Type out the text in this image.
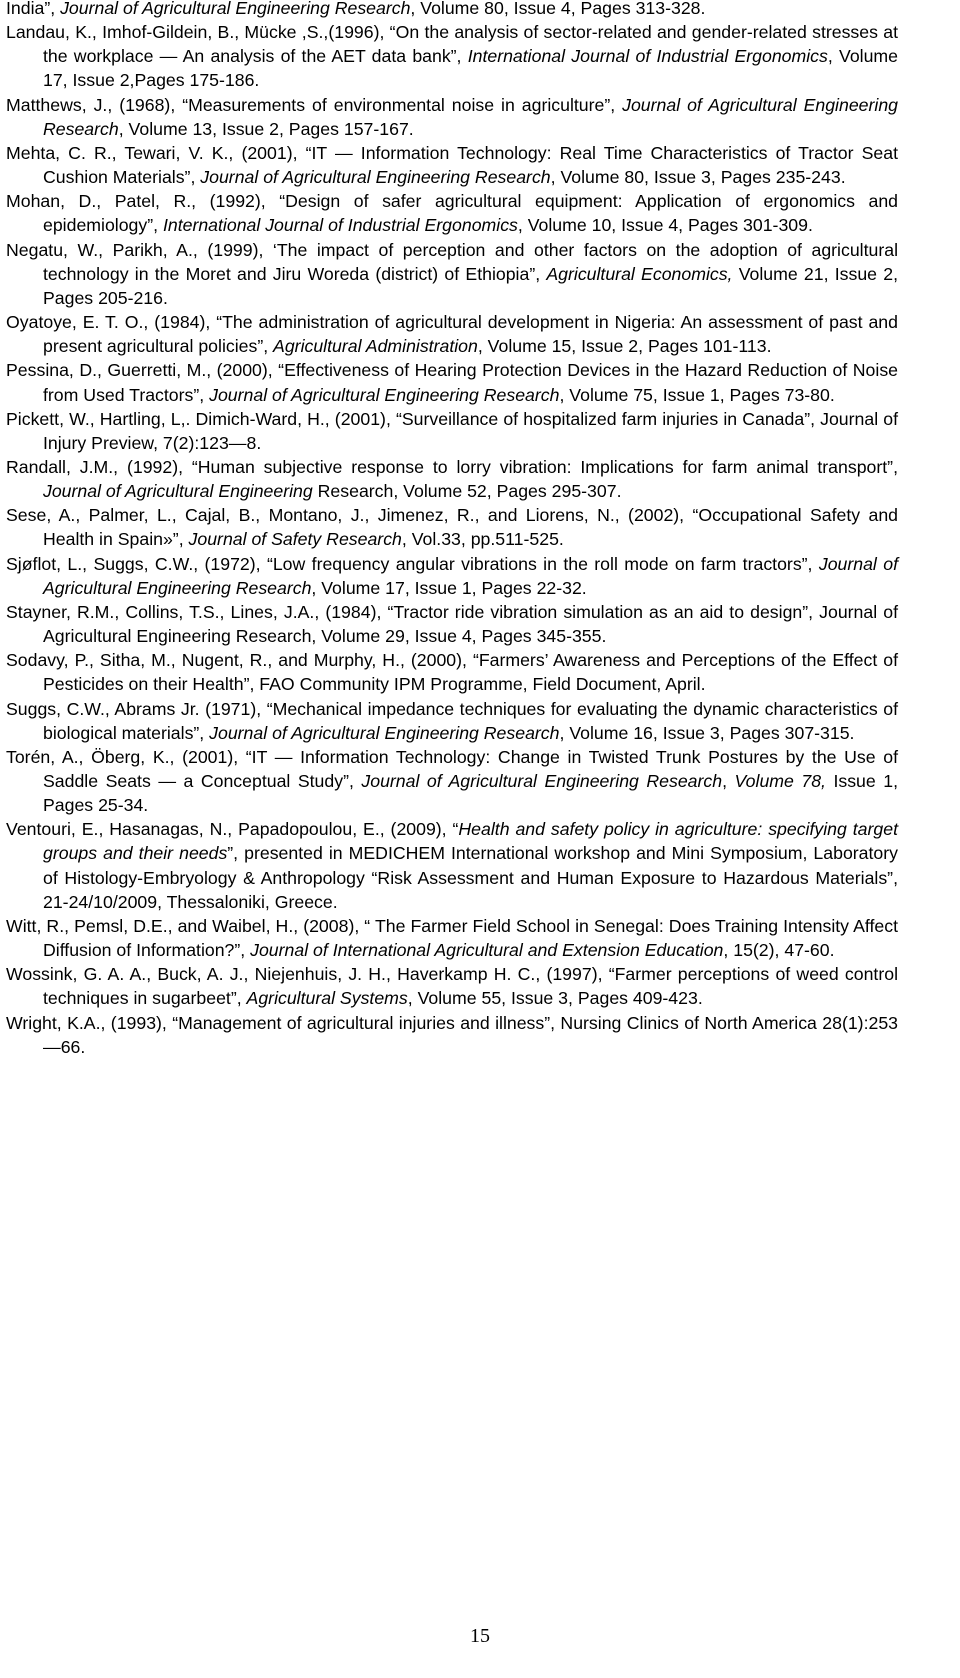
India”, Journal of Agricultural Engineering Research, Volume 80, Issue 4, Pages 313-328.

Landau, K., Imhof-Gildein, B., Mücke ,S.,(1996), “On the analysis of sector-related and gender-related stresses at the workplace — An analysis of the AET data bank”, International Journal of Industrial Ergonomics, Volume 17, Issue 2,Pages 175-186.

Matthews, J., (1968), “Measurements of environmental noise in agriculture”, Journal of Agricultural Engineering Research, Volume 13, Issue 2, Pages 157-167.

Mehta, C. R., Tewari, V. K., (2001), “IT — Information Technology: Real Time Characteristics of Tractor Seat Cushion Materials”, Journal of Agricultural Engineering Research, Volume 80, Issue 3, Pages 235-243.

Mohan, D., Patel, R., (1992), “Design of safer agricultural equipment: Application of ergonomics and epidemiology”, International Journal of Industrial Ergonomics, Volume 10, Issue 4, Pages 301-309.

Negatu, W., Parikh, A., (1999), ‘The impact of perception and other factors on the adoption of agricultural technology in the Moret and Jiru Woreda (district) of Ethiopia”, Agricultural Economics, Volume 21, Issue 2, Pages 205-216.

Oyatoye, E. T. O., (1984), “The administration of agricultural development in Nigeria: An assessment of past and present agricultural policies”, Agricultural Administration, Volume 15, Issue 2, Pages 101-113.

Pessina, D., Guerretti, M., (2000), “Effectiveness of Hearing Protection Devices in the Hazard Reduction of Noise from Used Tractors”, Journal of Agricultural Engineering Research, Volume 75, Issue 1, Pages 73-80.

Pickett, W., Hartling, L,. Dimich-Ward, H., (2001), “Surveillance of hospitalized farm injuries in Canada”, Journal of Injury Preview, 7(2):123—8.

Randall, J.M., (1992), “Human subjective response to lorry vibration: Implications for farm animal transport”, Journal of Agricultural Engineering Research, Volume 52, Pages 295-307.

Sese, A., Palmer, L., Cajal, B., Montano, J., Jimenez, R., and Liorens, N., (2002), “Occupational Safety and Health in Spain»”, Journal of Safety Research, Vol.33, pp.511-525.

Sjøflot, L., Suggs, C.W., (1972), “Low frequency angular vibrations in the roll mode on farm tractors”, Journal of Agricultural Engineering Research, Volume 17, Issue 1, Pages 22-32.

Stayner, R.M., Collins, T.S., Lines, J.A., (1984), “Tractor ride vibration simulation as an aid to design”, Journal of Agricultural Engineering Research, Volume 29, Issue 4, Pages 345-355.

Sodavy, P., Sitha, M., Nugent, R., and Murphy, H., (2000), “Farmers’ Awareness and Perceptions of the Effect of Pesticides on their Health”, FAO Community IPM Programme, Field Document, April.

Suggs, C.W., Abrams Jr. (1971), “Mechanical impedance techniques for evaluating the dynamic characteristics of biological materials”, Journal of Agricultural Engineering Research, Volume 16, Issue 3, Pages 307-315.

Torén, A., Öberg, K., (2001), “IT — Information Technology: Change in Twisted Trunk Postures by the Use of Saddle Seats — a Conceptual Study”, Journal of Agricultural Engineering Research, Volume 78, Issue 1, Pages 25-34.

Ventouri, E., Hasanagas, N., Papadopoulou, E., (2009), “Health and safety policy in agriculture: specifying target groups and their needs”, presented in MEDICHEM International workshop and Mini Symposium, Laboratory of Histology-Embryology & Anthropology “Risk Assessment and Human Exposure to Hazardous Materials”, 21-24/10/2009, Thessaloniki, Greece.

Witt, R., Pemsl, D.E., and Waibel, H., (2008), “ The Farmer Field School in Senegal: Does Training Intensity Affect Diffusion of Information?”, Journal of International Agricultural and Extension Education, 15(2), 47-60.

Wossink, G. A. A., Buck, A. J., Niejenhuis, J. H., Haverkamp H. C., (1997), “Farmer perceptions of weed control techniques in sugarbeet”, Agricultural Systems, Volume 55, Issue 3, Pages 409-423.

Wright, K.A., (1993), “Management of agricultural injuries and illness”, Nursing Clinics of North America 28(1):253—66.

15
